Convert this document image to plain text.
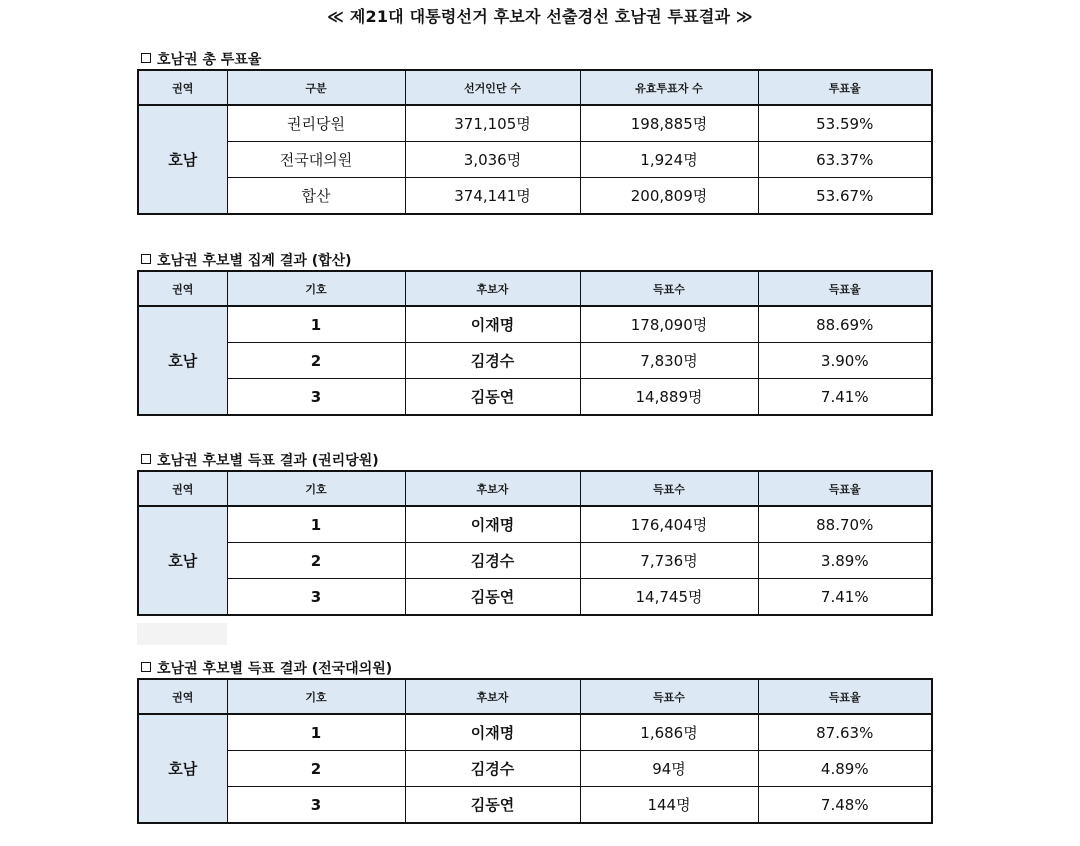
≪ 제21대 대통령선거 후보자 선출경선 호남권 투표결과 ≫
호남권 총 투표율
권역	구분	선거인단 수	유효투표자 수	투표율
호남	권리당원	371,105명	198,885명	53.59%
	전국대의원	3,036명	1,924명	63.37%
	합산	374,141명	200,809명	53.67%
호남권 후보별 집계 결과 (합산)
권역	기호	후보자	득표수	득표율
호남	1	이재명	178,090명	88.69%
	2	김경수	7,830명	3.90%
	3	김동연	14,889명	7.41%
호남권 후보별 득표 결과 (권리당원)
권역	기호	후보자	득표수	득표율
호남	1	이재명	176,404명	88.70%
	2	김경수	7,736명	3.89%
	3	김동연	14,745명	7.41%
호남권 후보별 득표 결과 (전국대의원)
권역	기호	후보자	득표수	득표율
호남	1	이재명	1,686명	87.63%
	2	김경수	94명	4.89%
	3	김동연	144명	7.48%
